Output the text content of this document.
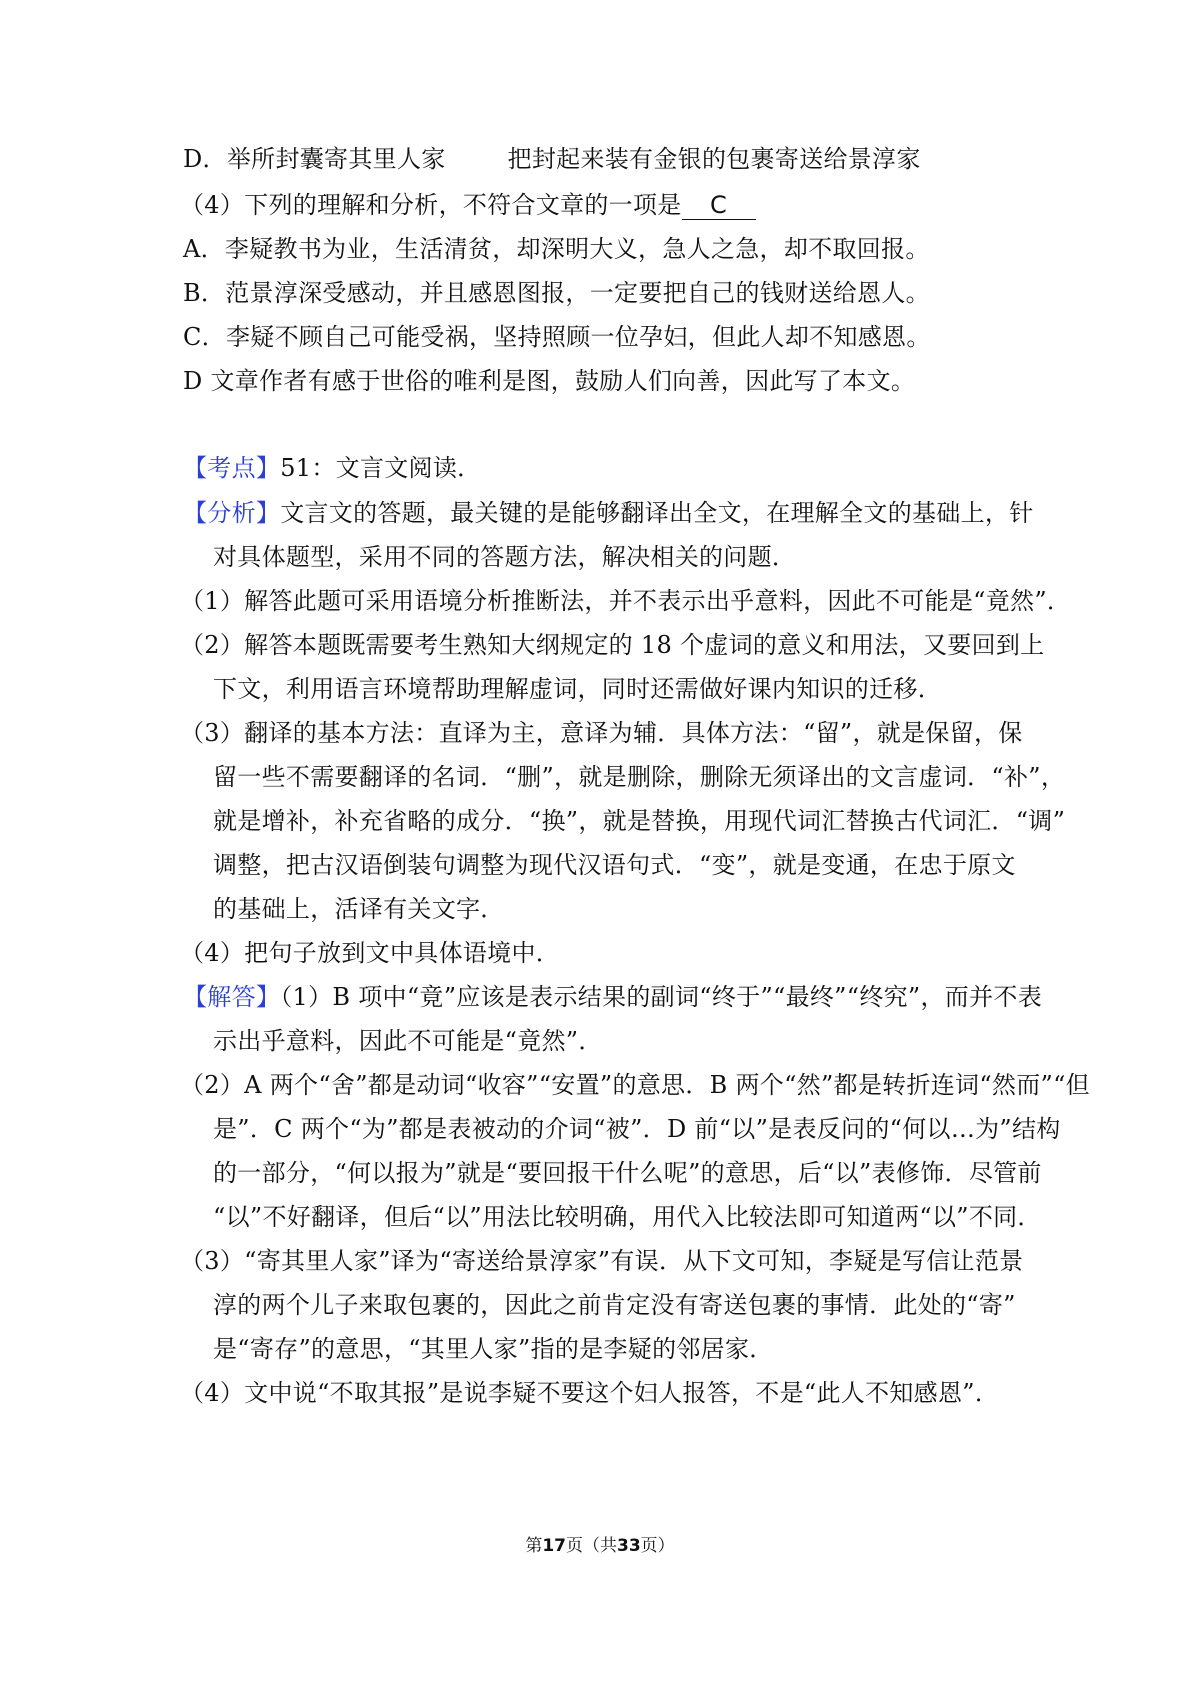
D．举所封囊寄其里人家	把封起来装有金银的包裹寄送给景淳家
（4）下列的理解和分析，不符合文章的一项是 C
A．李疑教书为业，生活清贫，却深明大义，急人之急，却不取回报。
B．范景淳深受感动，并且感恩图报，一定要把自己的钱财送给恩人。
C．李疑不顾自己可能受祸，坚持照顾一位孕妇，但此人却不知感恩。
D 文章作者有感于世俗的唯利是图，鼓励人们向善，因此写了本文。
【考点】51：文言文阅读．
【分析】文言文的答题，最关键的是能够翻译出全文，在理解全文的基础上，针
对具体题型，采用不同的答题方法，解决相关的问题．
（1）解答此题可采用语境分析推断法，并不表示出乎意料，因此不可能是“竟然”．
（2）解答本题既需要考生熟知大纲规定的 18 个虚词的意义和用法，又要回到上
下文，利用语言环境帮助理解虚词，同时还需做好课内知识的迁移．
（3）翻译的基本方法：直译为主，意译为辅．具体方法：“留”，就是保留，保
留一些不需要翻译的名词．“删”，就是删除，删除无须译出的文言虚词．“补”，
就是增补，补充省略的成分．“换”，就是替换，用现代词汇替换古代词汇．“调”
调整，把古汉语倒装句调整为现代汉语句式．“变”，就是变通，在忠于原文
的基础上，活译有关文字．
（4）把句子放到文中具体语境中．
【解答】（1）B 项中“竟”应该是表示结果的副词“终于”“最终”“终究”，而并不表
示出乎意料，因此不可能是“竟然”．
（2）A 两个“舍”都是动词“收容”“安置”的意思．B 两个“然”都是转折连词“然而”“但
是”．C 两个“为”都是表被动的介词“被”．D 前“以”是表反问的“何以…为”结构
的一部分，“何以报为”就是“要回报干什么呢”的意思，后“以”表修饰．尽管前
“以”不好翻译，但后“以”用法比较明确，用代入比较法即可知道两“以”不同．
（3）“寄其里人家”译为“寄送给景淳家”有误．从下文可知，李疑是写信让范景
淳的两个儿子来取包裹的，因此之前肯定没有寄送包裹的事情．此处的“寄”
是“寄存”的意思，“其里人家”指的是李疑的邻居家．
（4）文中说“不取其报”是说李疑不要这个妇人报答，不是“此人不知感恩”．
第17页（共33页）
